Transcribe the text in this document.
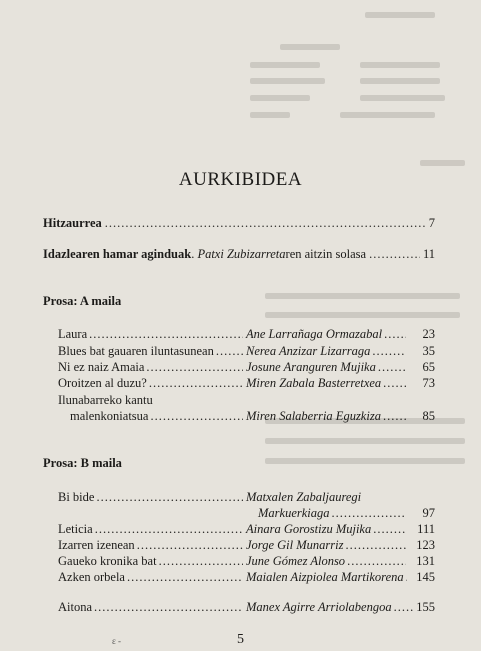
AURKIBIDEA
Hitzaurrea .....	7
Idazlearen hamar aginduak . Patxi Zubizarreta ren aitzin solasa .....	11
Prosa: A maila
Laura .....	Ane Larrañaga Ormazabal .....	23
Blues bat gauaren iluntasunean .....	Nerea Anzizar Lizarraga .....	35
Ni ez naiz Amaia .....	Josune Aranguren Mujika .....	65
Oroitzen al duzu? .....	Miren Zabala Basterretxea .....	73
Ilunabarreko kantu
malenkoniatsua .....	Miren Salaberria Eguzkiza .....	85
Prosa: B maila
Bi bide .....	Matxalen Zabaljauregi
Markuerkiaga .....	97
Leticia .....	Ainara Gorostizu Mujika .....	111
Izarren izenean .....	Jorge Gil Munarriz .....	123
Gaueko kronika bat .....	June Gómez Alonso .....	131
Azken orbela .....	Maialen Aizpiolea Martikorena ..... 145
Aitona .....	Manex Agirre Arriolabengoa ..... 155
ɛ -	5
